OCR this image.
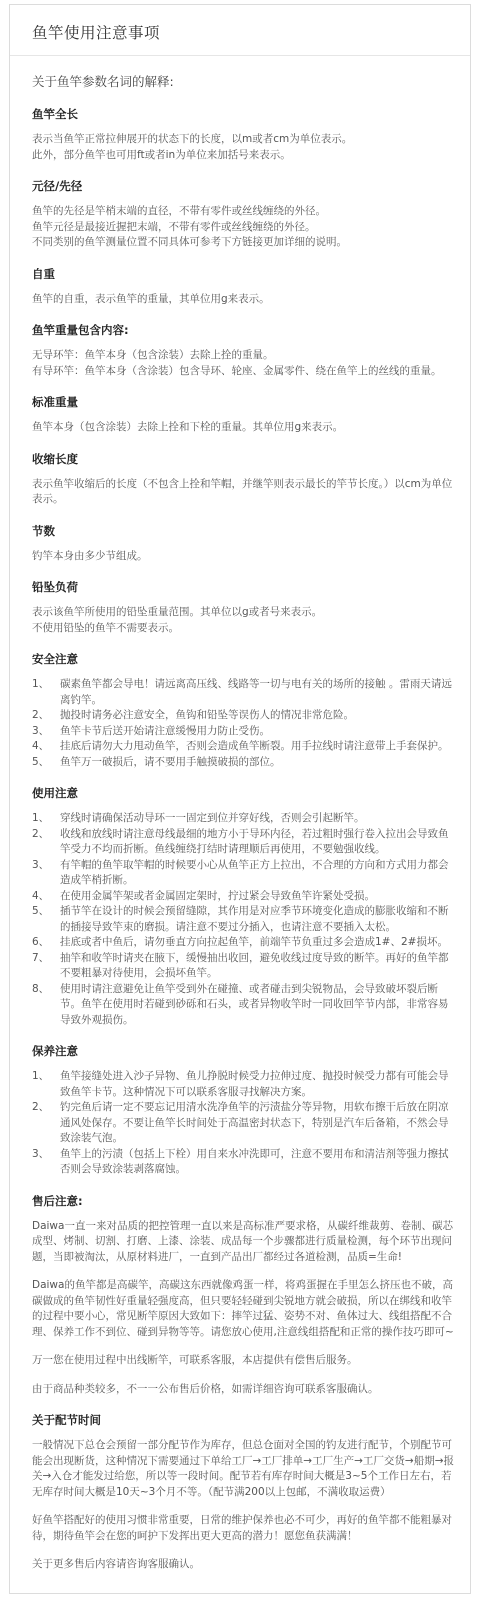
鱼竿使用注意事项
关于鱼竿参数名词的解释:
鱼竿全长
表示当鱼竿正常拉伸展开的状态下的长度，以m或者cm为单位表示。
此外，部分鱼竿也可用ft或者in为单位来加括号来表示。
元径/先径
鱼竿的先径是竿梢末端的直径，不带有零件或丝线缠绕的外径。
鱼竿元径是最接近握把末端，不带有零件或丝线缠绕的外径。
不同类别的鱼竿测量位置不同具体可参考下方链接更加详细的说明。
自重
鱼竿的自重，表示鱼竿的重量，其单位用g来表示。
鱼竿重量包含内容:
无导环竿：鱼竿本身（包含涂装）去除上拴的重量。
有导环竿：鱼竿本身（含涂装）包含导环、轮座、金属零件、绕在鱼竿上的丝线的重量。
标准重量
鱼竿本身（包含涂装）去除上拴和下栓的重量。其单位用g来表示。
收缩长度
表示鱼竿收缩后的长度（不包含上拴和竿帽，并继竿则表示最长的竿节长度。）以cm为单位表示。
节数
钓竿本身由多少节组成。
铅坠负荷
表示该鱼竿所使用的铅坠重量范围。其单位以g或者号来表示。
不使用铅坠的鱼竿不需要表示。
安全注意
1、	碳素鱼竿都会导电！请远离高压线、线路等一切与电有关的场所的接触 。雷雨天请远离钓竿。
2、	抛投时请务必注意安全，鱼钩和铅坠等误伤人的情况非常危险。
3、	鱼竿卡节后送开始请注意缓慢用力防止受伤。
4、	挂底后请勿大力甩动鱼竿，否则会造成鱼竿断裂。用手拉线时请注意带上手套保护。
5、	鱼竿万一破损后，请不要用手触摸破损的部位。
使用注意
1、	穿线时请确保活动导环一一固定到位并穿好线，否则会引起断竿。
2、	收线和放线时请注意母线最细的地方小于导环内径，若过粗时强行卷入拉出会导致鱼竿受力不均而折断。鱼线缠绕打结时请理顺后再使用，不要勉强收线。
3、	有竿帽的鱼竿取竿帽的时候要小心从鱼竿正方上拉出，不合理的方向和方式用力都会造成竿梢折断。
4、	在使用金属竿架或者金属固定架时，拧过紧会导致鱼竿许紧处受损。
5、	插节竿在设计的时候会预留缝隙，其作用是对应季节环境变化造成的膨胀收缩和不断的插接导致竿束的磨损。请注意不要过分插入，也请注意不要插入太松。
6、	挂底或者中鱼后，请勿垂直方向拉起鱼竿，前端竿节负重过多会造成1#、2#损坏。
7、	抽竿和收竿时请夹在腋下，缓慢抽出收回，避免收线过度导致的断竿。再好的鱼竿都不要粗暴对待使用，会损坏鱼竿。
8、	使用时请注意避免让鱼竿受到外在碰撞、或者碰击到尖锐物品，会导致破坏裂后断节。鱼竿在使用时若碰到砂砾和石头，或者异物收竿时一同收回竿节内部，非常容易导致外观损伤。
保养注意
1、	鱼竿接缝处进入沙子异物、鱼儿挣脱时候受力拉伸过度、抛投时候受力都有可能会导致鱼竿卡节。这种情况下可以联系客服寻找解决方案。
2、	钓完鱼后请一定不要忘记用清水洗净鱼竿的污渍盐分等异物，用软布擦干后放在阴凉通风处保存。不要让鱼竿长时间处于高温密封状态下，特别是汽车后备箱，不然会导致涂装气泡。
3、	鱼竿上的污渍（包括上下栓）用自来水冲洗即可，注意不要用布和清洁剂等强力擦拭否则会导致涂装剥落腐蚀。
售后注意:
Daiwa一直一来对品质的把控管理一直以来是高标准严要求格，从碳纤维裁剪、卷制、碳芯成型、烤制、切割、打磨、上漆、涂装、成品每一个步骤都进行质量检测，每个环节出现问题，当即被淘汰，从原材料进厂，一直到产品出厂都经过各道检测，品质=生命!
Daiwa的鱼竿都是高碳竿，高碳这东西就像鸡蛋一样，将鸡蛋握在手里怎么挤压也不破，高碳做成的鱼竿韧性好重量轻强度高，但只要轻轻碰到尖锐地方就会破损，所以在绑线和收竿的过程中要小心，常见断竿原因大致如下：摔竿过猛、姿势不对、鱼体过大、线组搭配不合理、保养工作不到位、碰到异物等等。请您放心使用,注意线组搭配和正常的操作技巧即可~
万一您在使用过程中出线断竿，可联系客服，本店提供有偿售后服务。
由于商品种类较多，不一一公布售后价格，如需详细咨询可联系客服确认。
关于配节时间
一般情况下总仓会预留一部分配节作为库存，但总仓面对全国的钓友进行配节，个别配节可能会出现断货，这种情况下需要通过下单给工厂→工厂排单→工厂生产→工厂交货→船期→报关→入仓才能发过给您，所以等一段时间。配节若有库存时间大概是3~5个工作日左右，若无库存时间大概是10天~3个月不等。（配节满200以上包邮，不满收取运费）
好鱼竿搭配好的使用习惯非常重要，日常的维护保养也必不可少，再好的鱼竿都不能粗暴对待，期待鱼竿会在您的呵护下发挥出更大更高的潜力！愿您鱼获满满！
关于更多售后内容请咨询客服确认。
